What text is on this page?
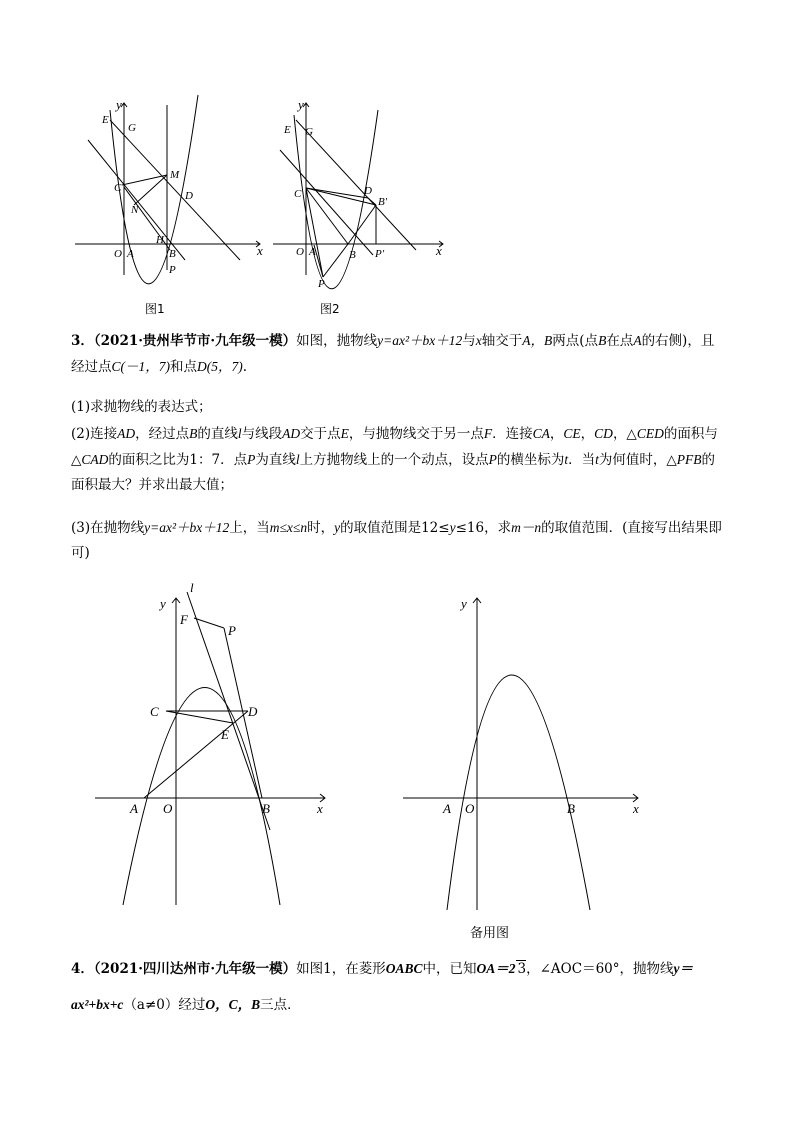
y
x
E
G
C
M
N
D
O A
H
B
P
图1
y
x
E G
C	D
B'
O A	B P'
P
图2

3．（2021·贵州毕节市·九年级一模）如图，抛物线y=ax²＋bx＋12与x轴交于A，B两点(点B在点A的右侧)，且经过点C(－1，7)和点D(5，7).

(1)求抛物线的表达式；

(2)连接AD，经过点B的直线l与线段AD交于点E，与抛物线交于另一点F．连接CA，CE，CD，△CED的面积与△CAD的面积之比为1：7．点P为直线l上方抛物线上的一个动点，设点P的横坐标为t．当t为何值时，△PFB的面积最大？并求出最大值；

(3)在抛物线y=ax²＋bx＋12上，当m≤x≤n时，y的取值范围是12≤y≤16，求m－n的取值范围．(直接写出结果即可)

l
y
F
P
C	D
E
A O	B	x
y
A O	B	x
备用图

4．（2021·四川达州市·九年级一模）如图1，在菱形OABC中，已知OA＝2 3，∠AOC＝60°，抛物线y＝

ax²+bx+c（a≠0）经过O，C，B三点．
